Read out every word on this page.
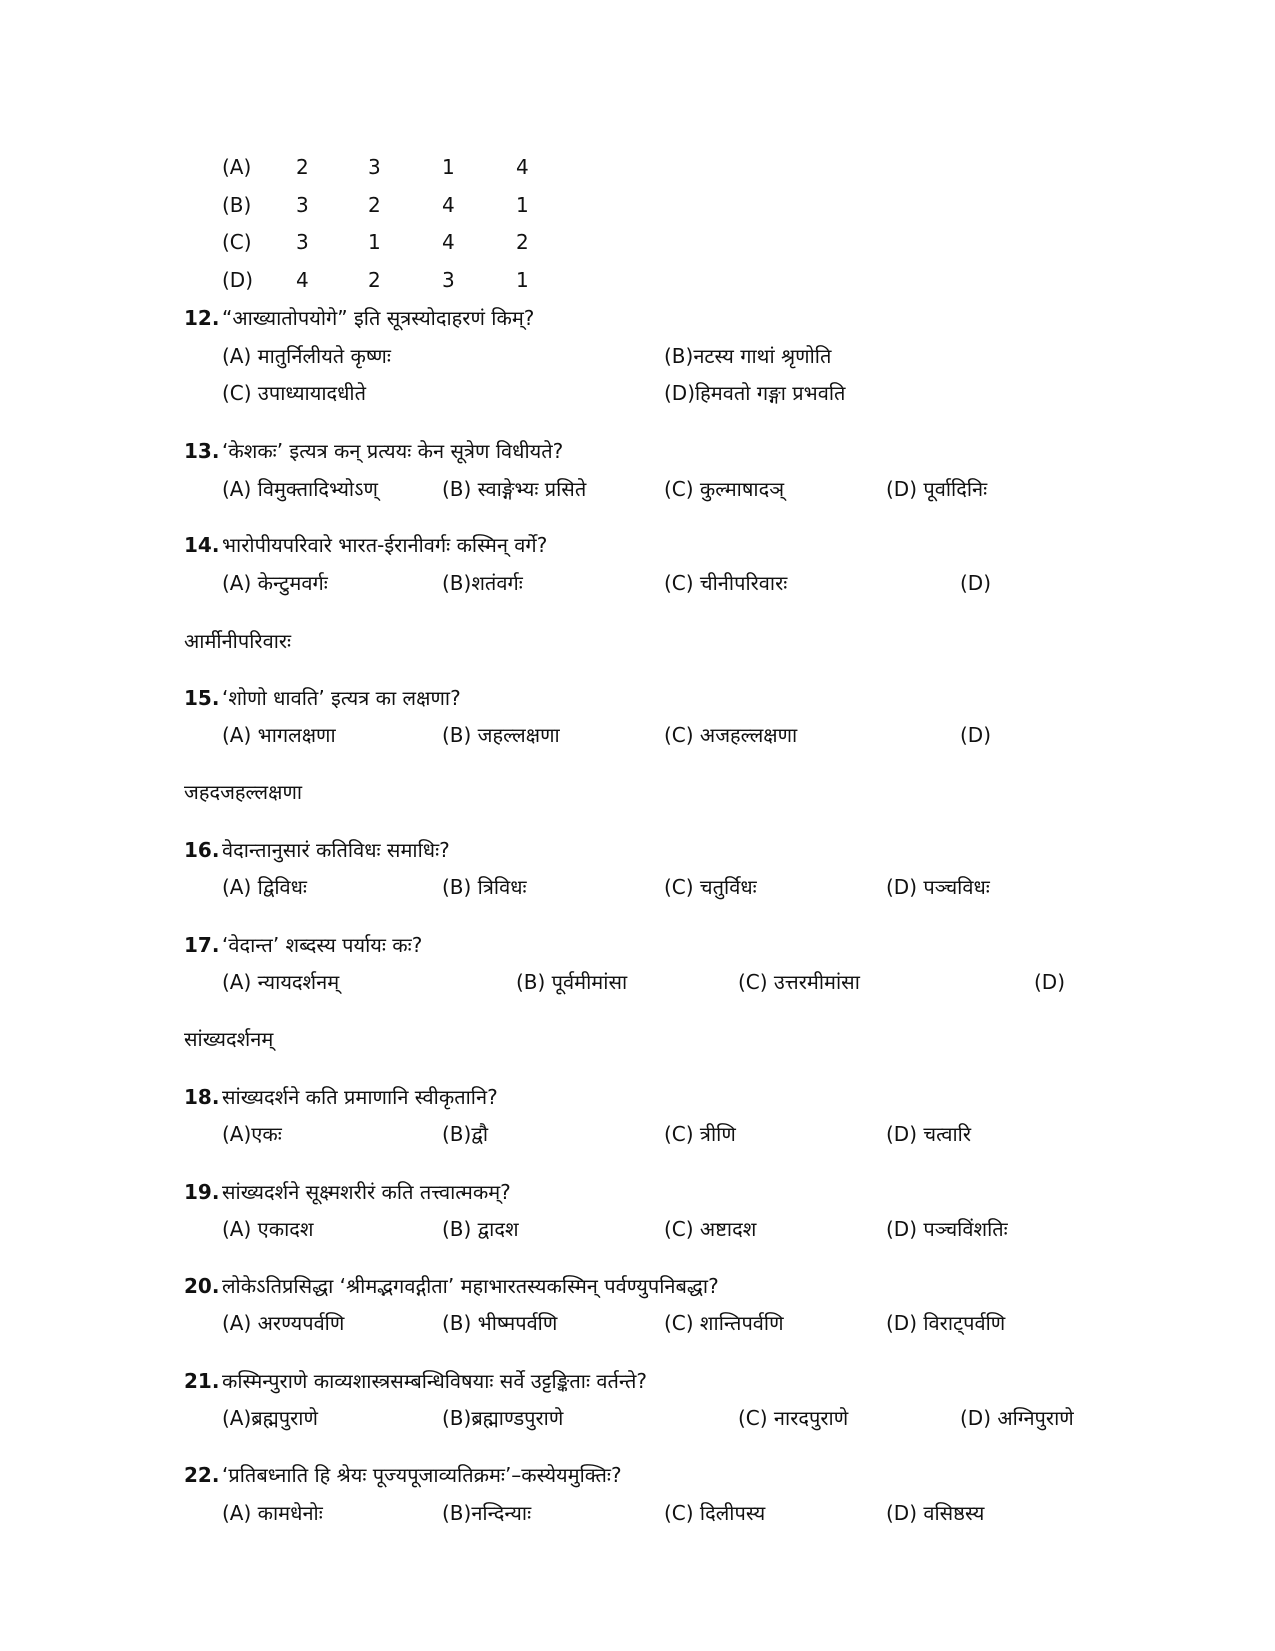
(A) 2	3	1	4
(B) 3	2	4	1
(C) 3	1	4	2
(D) 4	2	3	1
12. “आख्यातोपयोगे” इति सूत्रस्योदाहरणं किम्?
(A) मातुर्निलीयते कृष्णः	(B)नटस्य गाथां श्रृणोति
(C) उपाध्यायादधीते	(D)हिमवतो गङ्गा प्रभवति
13. ‘केशकः’ इत्यत्र कन् प्रत्ययः केन सूत्रेण विधीयते?
(A) विमुक्तादिभ्योऽण्	(B) स्वाङ्गेभ्यः प्रसिते	(C) कुल्माषादञ्	(D) पूर्वादिनिः
14. भारोपीयपरिवारे भारत-ईरानीवर्गः कस्मिन् वर्गे?
(A) केन्टुमवर्गः	(B)शतंवर्गः	(C) चीनीपरिवारः	(D)
आर्मीनीपरिवारः
15. ‘शोणो धावति’ इत्यत्र का लक्षणा?
(A) भागलक्षणा	(B) जहल्लक्षणा	(C) अजहल्लक्षणा	(D)
जहदजहल्लक्षणा
16. वेदान्तानुसारं कतिविधः समाधिः?
(A) द्विविधः	(B) त्रिविधः	(C) चतुर्विधः	(D) पञ्चविधः
17. ‘वेदान्त’ शब्दस्य पर्यायः कः?
(A) न्यायदर्शनम्	(B) पूर्वमीमांसा	(C) उत्तरमीमांसा	(D)
सांख्यदर्शनम्
18. सांख्यदर्शने कति प्रमाणानि स्वीकृतानि?
(A)एकः	(B)द्वौ	(C) त्रीणि	(D) चत्वारि
19. सांख्यदर्शने सूक्ष्मशरीरं कति तत्त्वात्मकम्?
(A) एकादश	(B) द्वादश	(C) अष्टादश	(D) पञ्चविंशतिः
20. लोकेऽतिप्रसिद्धा ‘श्रीमद्भगवद्गीता’ महाभारतस्यकस्मिन् पर्वण्युपनिबद्धा?
(A) अरण्यपर्वणि	(B) भीष्मपर्वणि	(C) शान्तिपर्वणि	(D) विराट्पर्वणि
21. कस्मिन्पुराणे काव्यशास्त्रसम्बन्धिविषयाः सर्वे उट्टङ्किताः वर्तन्ते?
(A)ब्रह्मपुराणे	(B)ब्रह्माण्डपुराणे	(C) नारदपुराणे	(D) अग्निपुराणे
22. ‘प्रतिबध्नाति हि श्रेयः पूज्यपूजाव्यतिक्रमः’–कस्येयमुक्तिः?
(A) कामधेनोः	(B)नन्दिन्याः	(C) दिलीपस्य	(D) वसिष्ठस्य
